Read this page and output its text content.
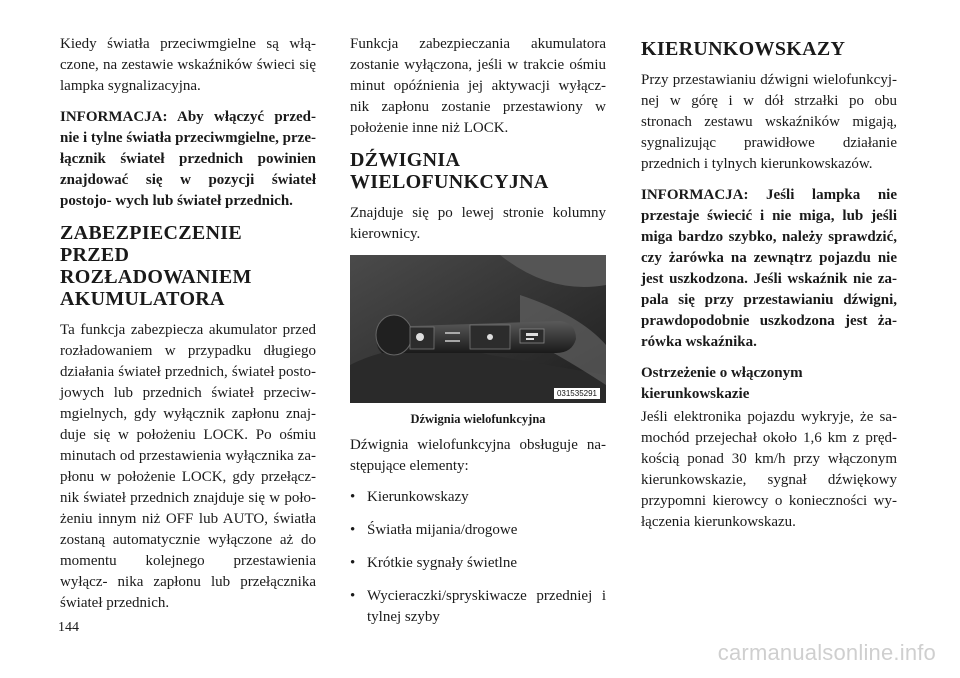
Kiedy światła przeciwmgielne są włą- czone, na zestawie wskaźników świeci się lampka sygnalizacyjna.

INFORMACJA: Aby włączyć przed- nie i tylne światła przeciwmgielne, prze- łącznik świateł przednich powinien znajdować się w pozycji świateł postojo- wych lub świateł przednich.

ZABEZPIECZENIE PRZED ROZŁADOWANIEM AKUMULATORA

Ta funkcja zabezpiecza akumulator przed rozładowaniem w przypadku długiego działania świateł przednich, świateł posto- jowych lub przednich świateł przeciw- mgielnych, gdy wyłącznik zapłonu znaj- duje się w położeniu LOCK. Po ośmiu minutach od przestawienia wyłącznika za- płonu w położenie LOCK, gdy przełącz- nik świateł przednich znajduje się w poło- żeniu innym niż OFF lub AUTO, światła zostaną automatycznie wyłączone aż do momentu kolejnego przestawienia wyłącz- nika zapłonu lub przełącznika świateł przednich.

Funkcja zabezpieczania akumulatora zostanie wyłączona, jeśli w trakcie ośmiu minut opóźnienia jej aktywacji wyłącz- nik zapłonu zostanie przestawiony w położenie inne niż LOCK.

DŹWIGNIA WIELOFUNKCYJNA

Znajduje się po lewej stronie kolumny kierownicy.

031535291
Dźwignia wielofunkcyjna

Dźwignia wielofunkcyjna obsługuje na- stępujące elementy:

• Kierunkowskazy
• Światła mijania/drogowe
• Krótkie sygnały świetlne
• Wycieraczki/spryskiwacze przedniej i tylnej szyby
KIERUNKOWSKAZY

Przy przestawianiu dźwigni wielofunkcyj- nej w górę i w dół strzałki po obu stronach zestawu wskaźników migają, sygnalizując prawidłowe działanie przednich i tylnych kierunkowskazów.

INFORMACJA: Jeśli lampka nie przestaje świecić i nie miga, lub jeśli miga bardzo szybko, należy sprawdzić, czy żarówka na zewnątrz pojazdu nie jest uszkodzona. Jeśli wskaźnik nie za- pala się przy przestawianiu dźwigni, prawdopodobnie uszkodzona jest ża- rówka wskaźnika.

Ostrzeżenie o włączonym kierunkowskazie

Jeśli elektronika pojazdu wykryje, że sa- mochód przejechał około 1,6 km z pręd- kością ponad 30 km/h przy włączonym kierunkowskazie, sygnał dźwiękowy przypomni kierowcy o konieczności wy- łączenia kierunkowskazu.

144
carmanualsonline.info
